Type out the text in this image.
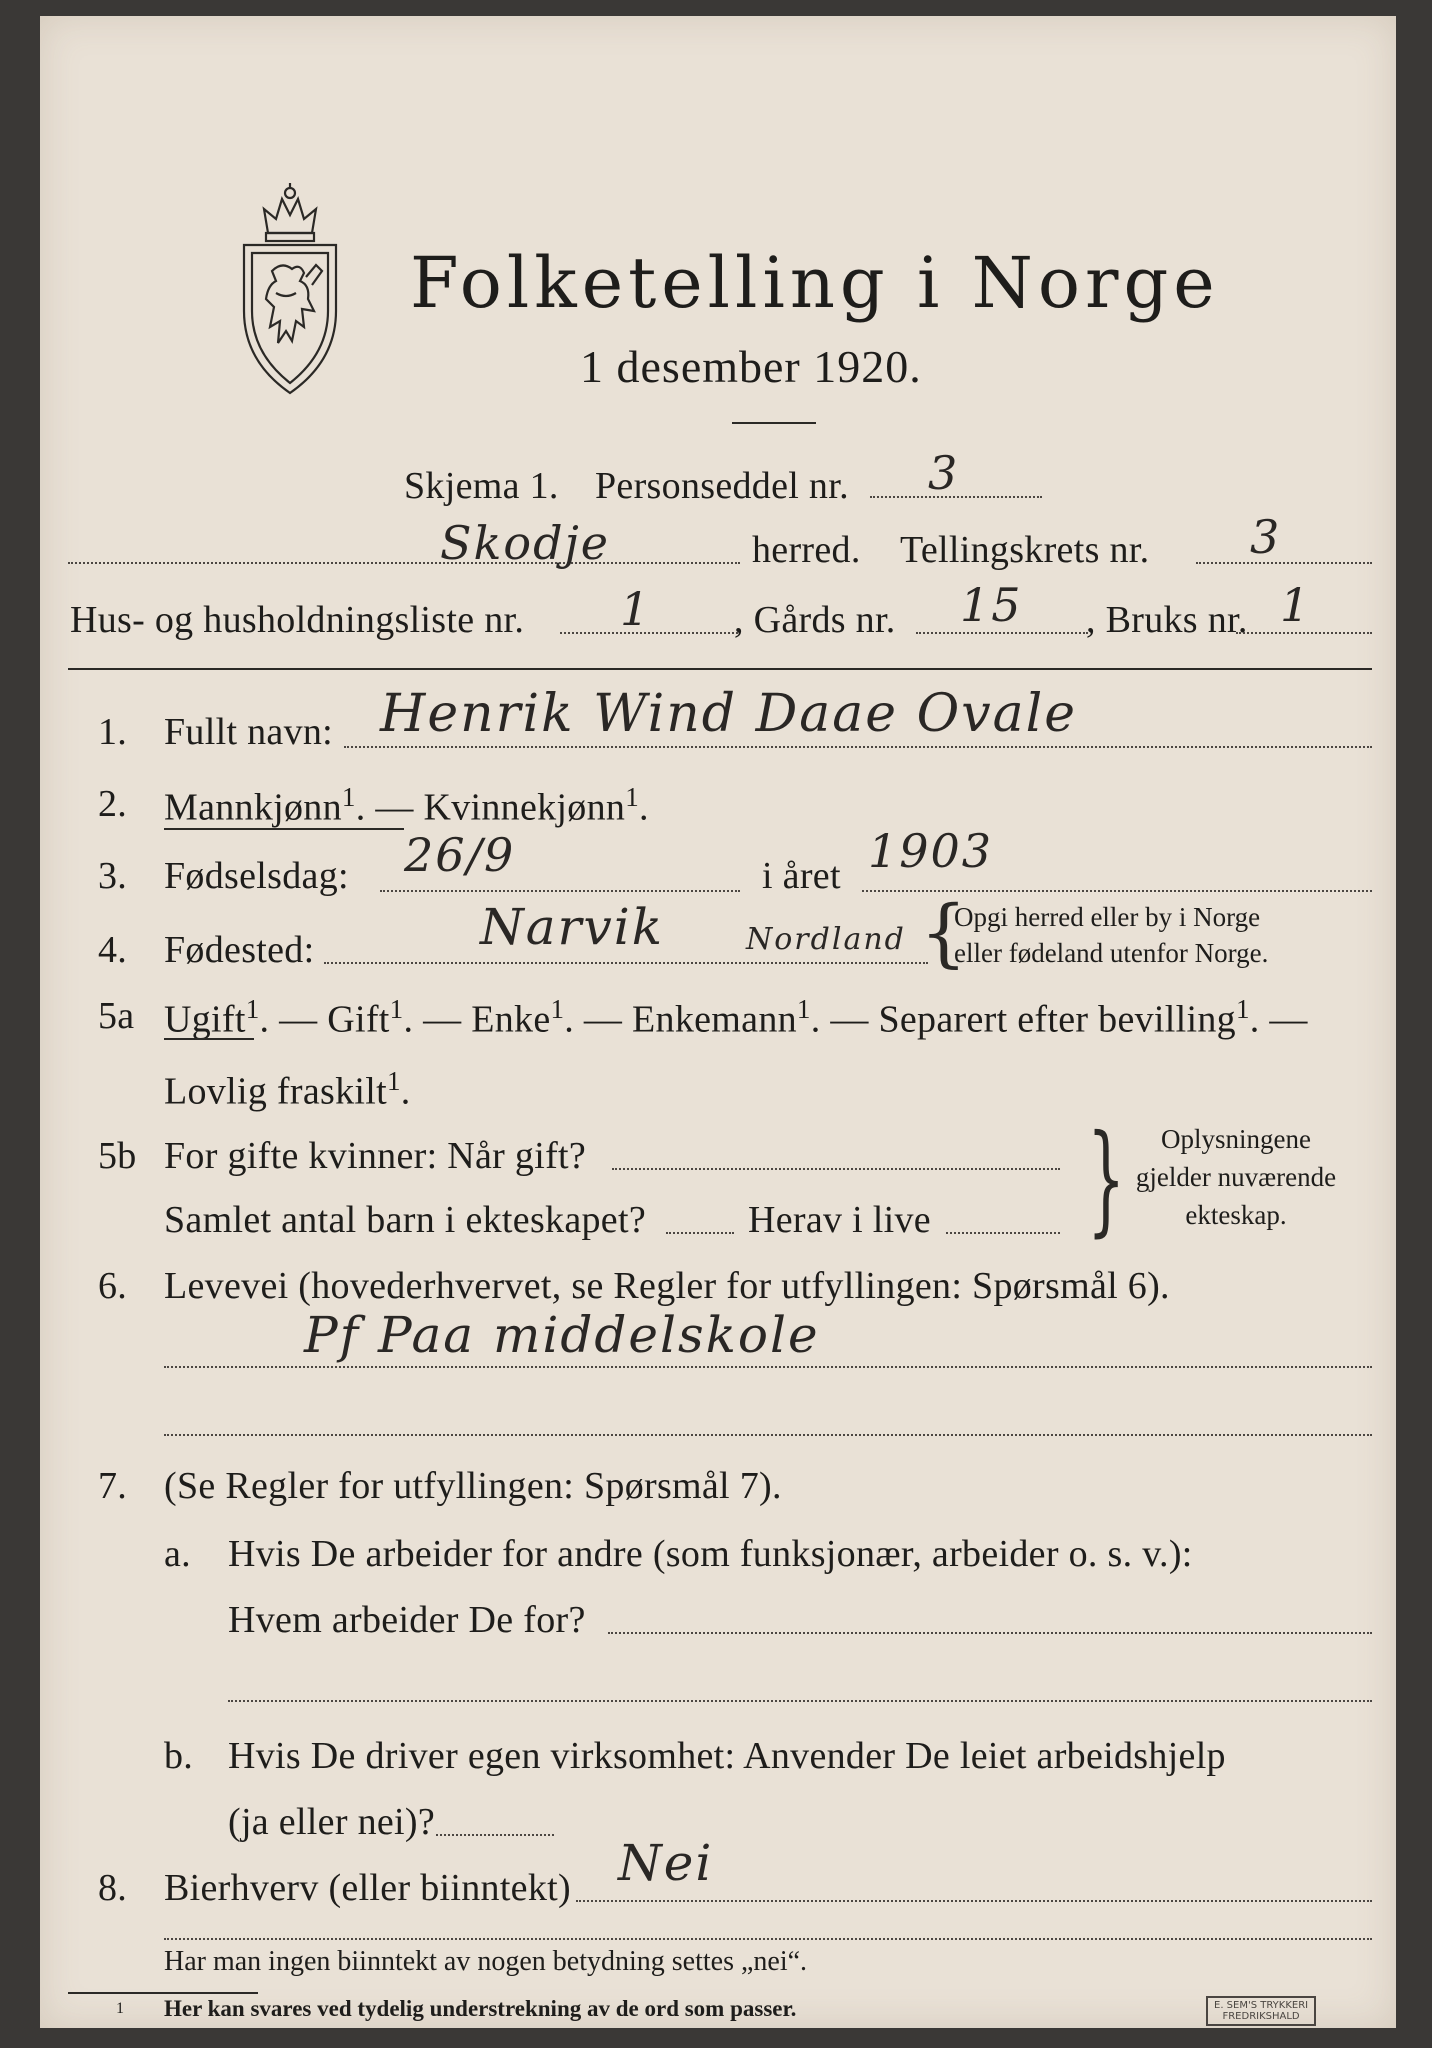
Folketelling i Norge
1 desember 1920.
Skjema 1. Personseddel nr. 3
Skodje	herred. Tellingskrets nr. 3
Hus- og husholdningsliste nr. 1 , Gårds nr. 15 , Bruks nr. 1
1. Fullt navn: Henrik Wind Daae Ovale
2. Mannkjønn$^1$. — Kvinnekjønn$^1$.
3. Fødselsdag: 26/9	i året 1903
4. Fødested:	Narvik	Nordland {
Opgi herred eller by i Norge
eller fødeland utenfor Norge.
5a Ugift$^1$. — Gift$^1$. — Enke$^1$. — Enkemann$^1$. — Separert efter bevilling$^1$. —
Lovlig fraskilt$^1$.
5b For gifte kvinner: Når gift?
Samlet antal barn i ekteskapet?	Herav i live {	Oplysningene
gjelder nuværende
ekteskap.
6. Levevei (hovederhvervet, se Regler for utfyllingen: Spørsmål 6).
Pf Paa middelskole
7. (Se Regler for utfyllingen: Spørsmål 7).
a. Hvis De arbeider for andre (som funksjonær, arbeider o. s. v.):
Hvem arbeider De for?
b. Hvis De driver egen virksomhet: Anvender De leiet arbeidshjelp
(ja eller nei)?
8. Bierhverv (eller biinntekt) Nei
Har man ingen biinntekt av nogen betydning settes „nei“.
1 Her kan svares ved tydelig understrekning av de ord som passer.	E. SEM'S TRYKKERI
FREDRIKSHALD
